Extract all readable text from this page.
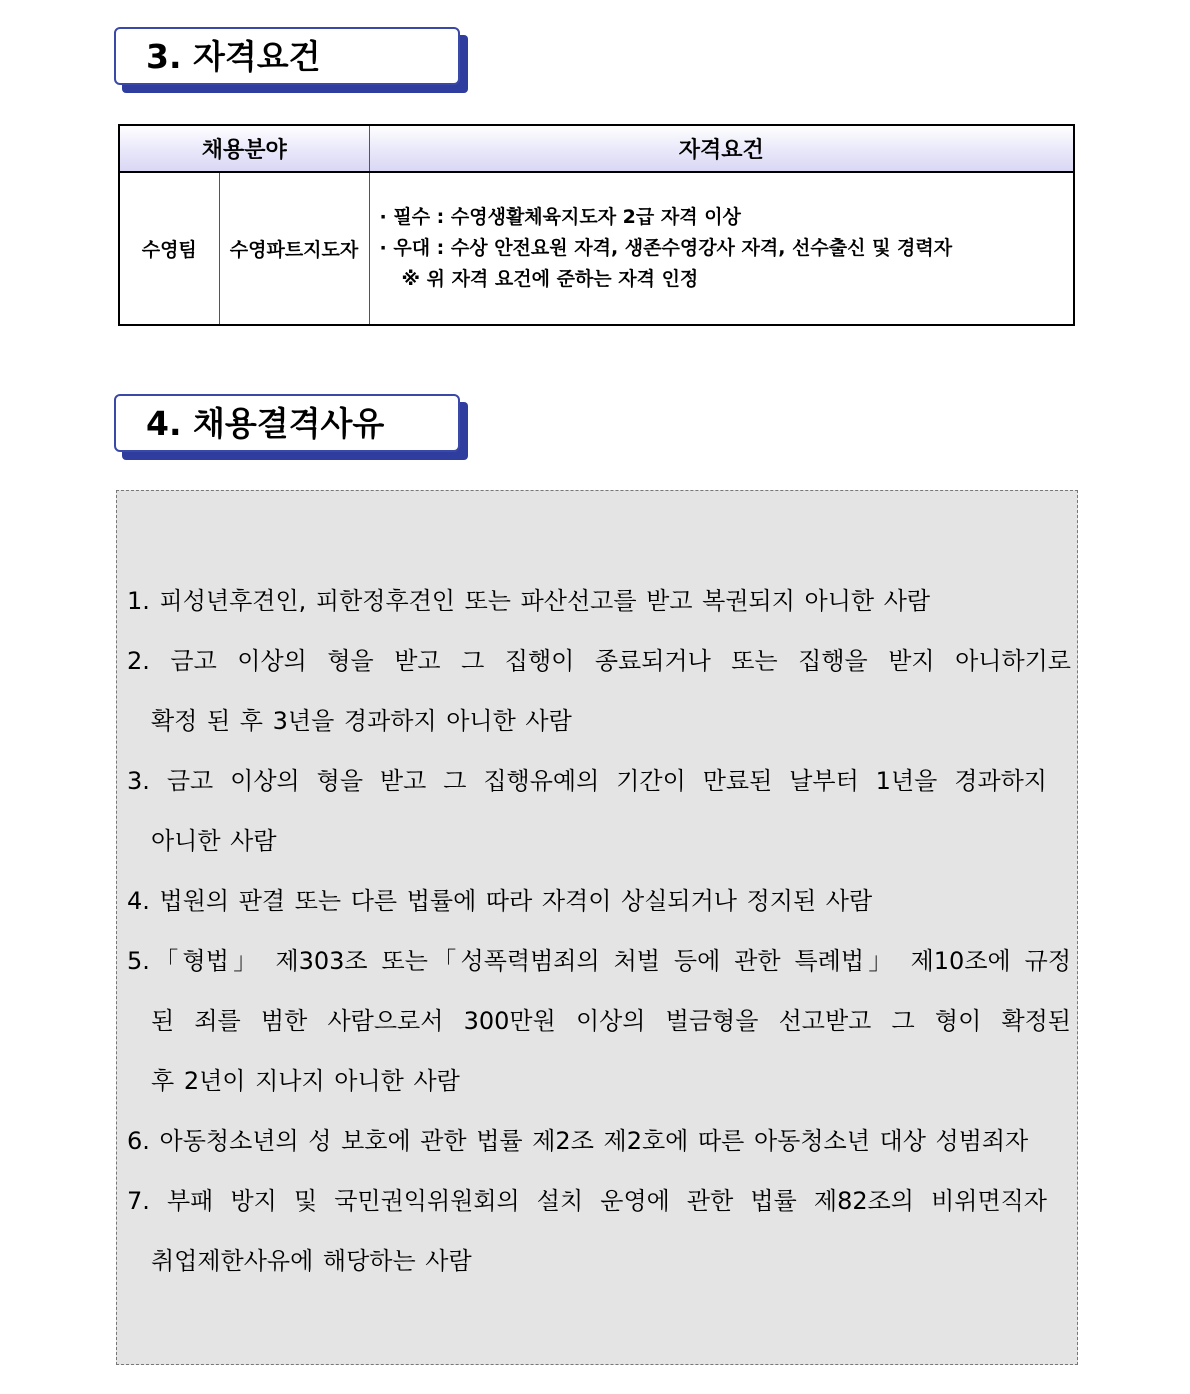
3. 자격요건
채용분야		자격요건
수영팀	수영파트지도자	· 필수 : 수영생활체육지도자 2급 자격 이상
· 우대 : 수상 안전요원 자격, 생존수영강사 자격, 선수출신 및 경력자
※ 위 자격 요건에 준하는 자격 인정
4. 채용결격사유
1. 피성년후견인, 피한정후견인 또는 파산선고를 받고 복권되지 아니한 사람
2. 금고 이상의 형을 받고 그 집행이 종료되거나 또는 집행을 받지 아니하기로
확정 된 후 3년을 경과하지 아니한 사람
3. 금고 이상의 형을 받고 그 집행유예의 기간이 만료된 날부터 1년을 경과하지
아니한 사람
4. 법원의 판결 또는 다른 법률에 따라 자격이 상실되거나 정지된 사람
5.「형법」 제303조 또는「성폭력범죄의 처벌 등에 관한 특례법」 제10조에 규정
된 죄를 범한 사람으로서 300만원 이상의 벌금형을 선고받고 그 형이 확정된
후 2년이 지나지 아니한 사람
6. 아동청소년의 성 보호에 관한 법률 제2조 제2호에 따른 아동청소년 대상 성범죄자
7. 부패 방지 및 국민권익위원회의 설치 운영에 관한 법률 제82조의 비위면직자
취업제한사유에 해당하는 사람
